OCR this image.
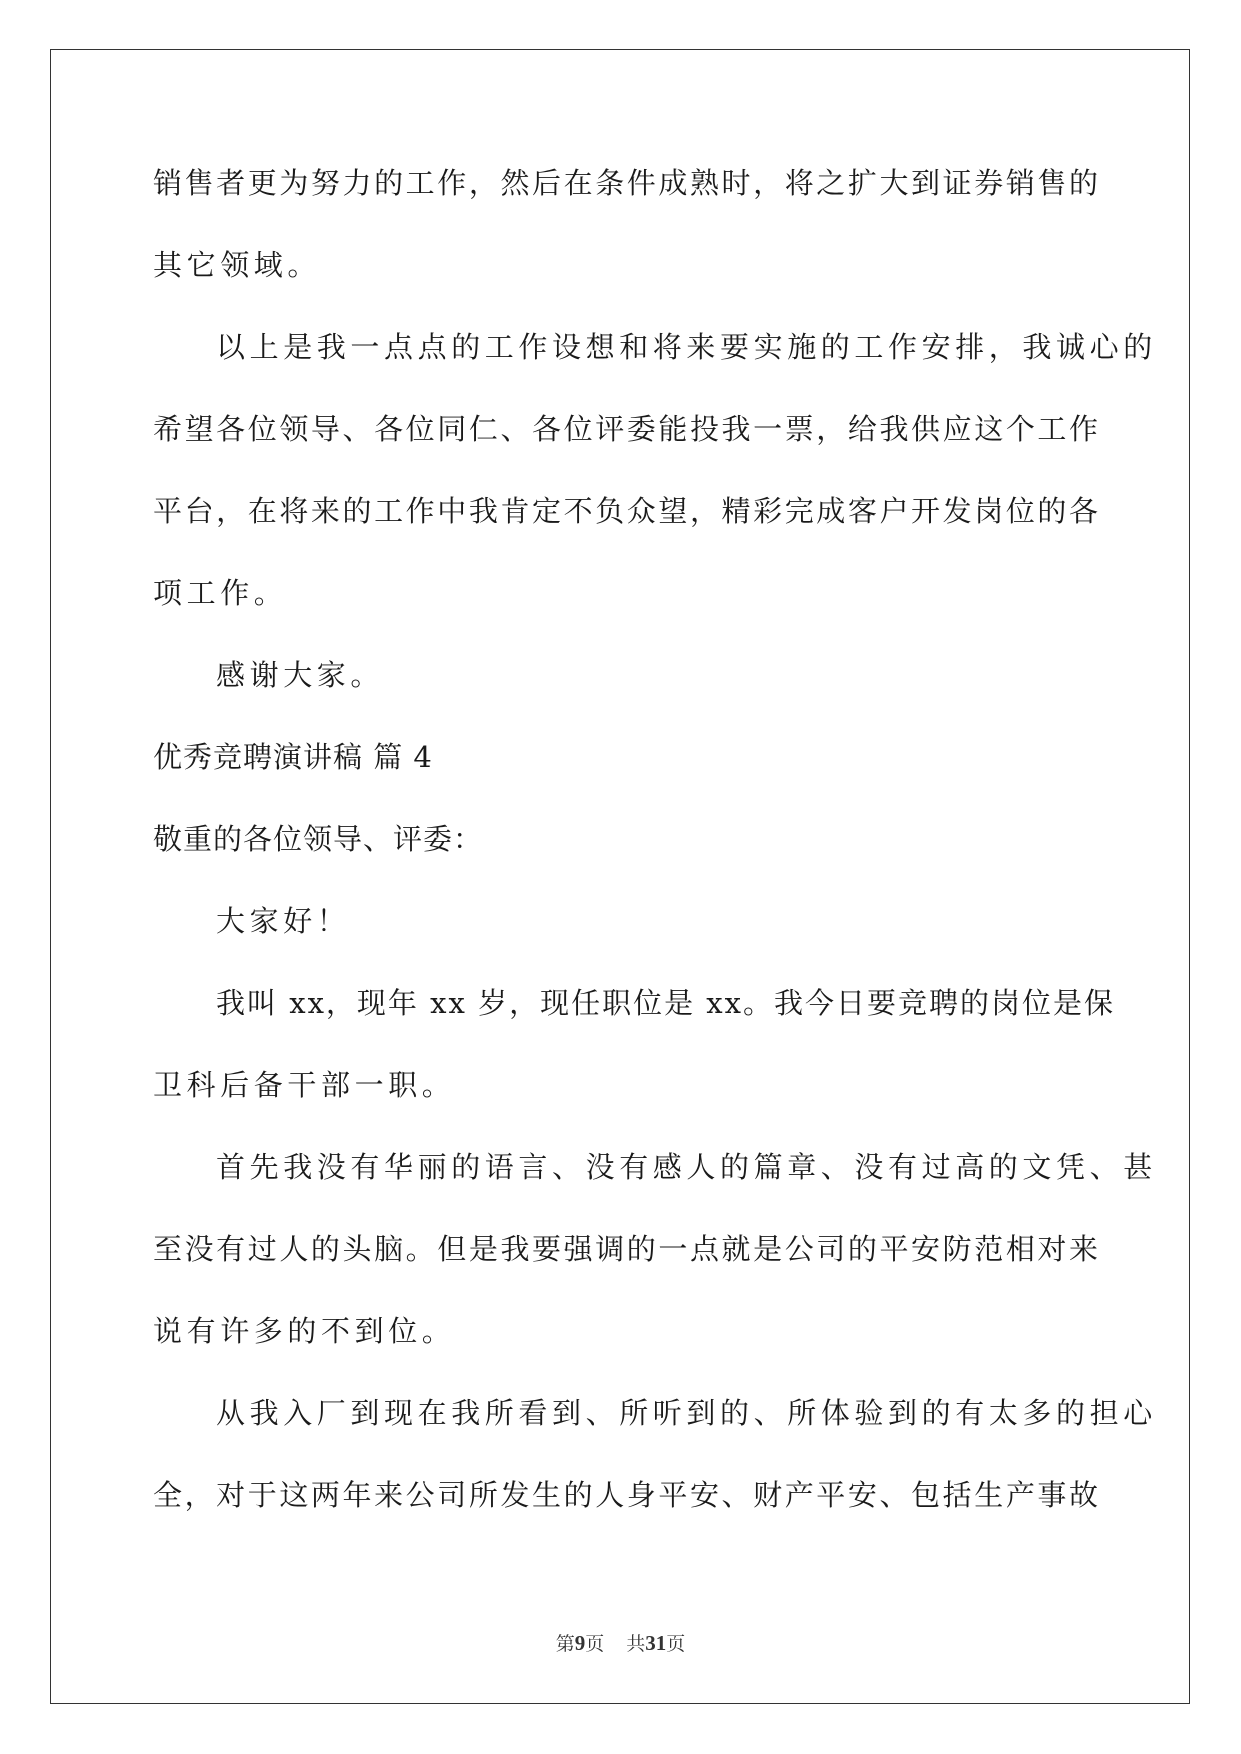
销售者更为努力的工作，然后在条件成熟时，将之扩大到证券销售的
其它领域。
以上是我一点点的工作设想和将来要实施的工作安排，我诚心的
希望各位领导、各位同仁、各位评委能投我一票，给我供应这个工作
平台，在将来的工作中我肯定不负众望，精彩完成客户开发岗位的各
项工作。
感谢大家。
优秀竞聘演讲稿 篇 4
敬重的各位领导、评委：
大家好！
我叫 xx，现年 xx 岁，现任职位是 xx。我今日要竞聘的岗位是保
卫科后备干部一职。
首先我没有华丽的语言、没有感人的篇章、没有过高的文凭、甚
至没有过人的头脑。但是我要强调的一点就是公司的平安防范相对来
说有许多的不到位。
从我入厂到现在我所看到、所听到的、所体验到的有太多的担心
全，对于这两年来公司所发生的人身平安、财产平安、包括生产事故
第9页 共31页
